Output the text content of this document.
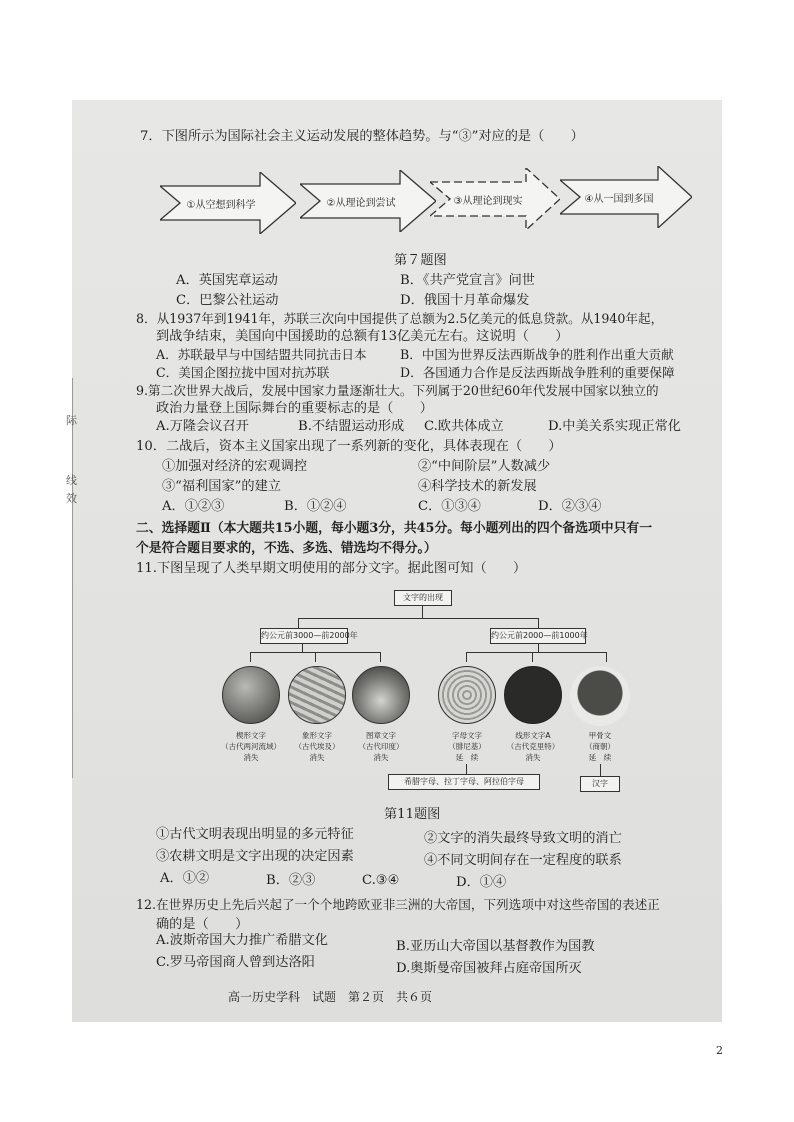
7．下图所示为国际社会主义运动发展的整体趋势。与“③”对应的是（　　）
①从空想到科学	②从理论到尝试	③从理论到现实	④从一国到多国
第７题图
A．英国宪章运动	B．《共产党宣言》问世
C．巴黎公社运动	D．俄国十月革命爆发
8．从1937年到1941年，苏联三次向中国提供了总额为2.5亿美元的低息贷款。从1940年起，
到战争结束，美国向中国援助的总额有13亿美元左右。这说明（　　）
A．苏联最早与中国结盟共同抗击日本	B．中国为世界反法西斯战争的胜利作出重大贡献
C．美国企图拉拢中国对抗苏联	D．各国通力合作是反法西斯战争胜利的重要保障
9.第二次世界大战后，发展中国家力量逐渐壮大。下列属于20世纪60年代发展中国家以独立的
政治力量登上国际舞台的重要标志的是（　　）
A.万隆会议召开	B.不结盟运动形成 C.欧共体成立	D.中美关系实现正常化
10．二战后，资本主义国家出现了一系列新的变化，具体表现在（　　）
①加强对经济的宏观调控	②“中间阶层”人数减少
③“福利国家”的建立	④科学技术的新发展
A．①②③	B．①②④	C．①③④	D．②③④
二、选择题Ⅱ（本大题共15小题，每小题3分，共45分。每小题列出的四个备选项中只有一
个是符合题目要求的，不选、多选、错选均不得分。）
11.下图呈现了人类早期文明使用的部分文字。据此图可知（　　）
文字的出现
约公元前3000—前2000年	约公元前2000—前1000年
楔形文字
（古代两河流域）
消失
象形文字
（古代埃及）
消失
图章文字
（古代印度）
消失
字母文字
（腓尼基）
延　续
线形文字A
（古代克里特）
消失
甲骨文
（商朝）
延　续
希腊字母、拉丁字母、阿拉伯字母	汉字
第11题图
①古代文明表现出明显的多元特征	②文字的消失最终导致文明的消亡
③农耕文明是文字出现的决定因素	④不同文明间存在一定程度的联系
A．①②	B．②③	C.③④	D．①④
12.在世界历史上先后兴起了一个个地跨欧亚非三洲的大帝国，下列选项中对这些帝国的表述正
确的是（　　）
A.波斯帝国大力推广希腊文化	B.亚历山大帝国以基督教作为国教
C.罗马帝国商人曾到达洛阳	D.奥斯曼帝国被拜占庭帝国所灭
高一历史学科　试题　第２页　共６页
际
线
效
2
